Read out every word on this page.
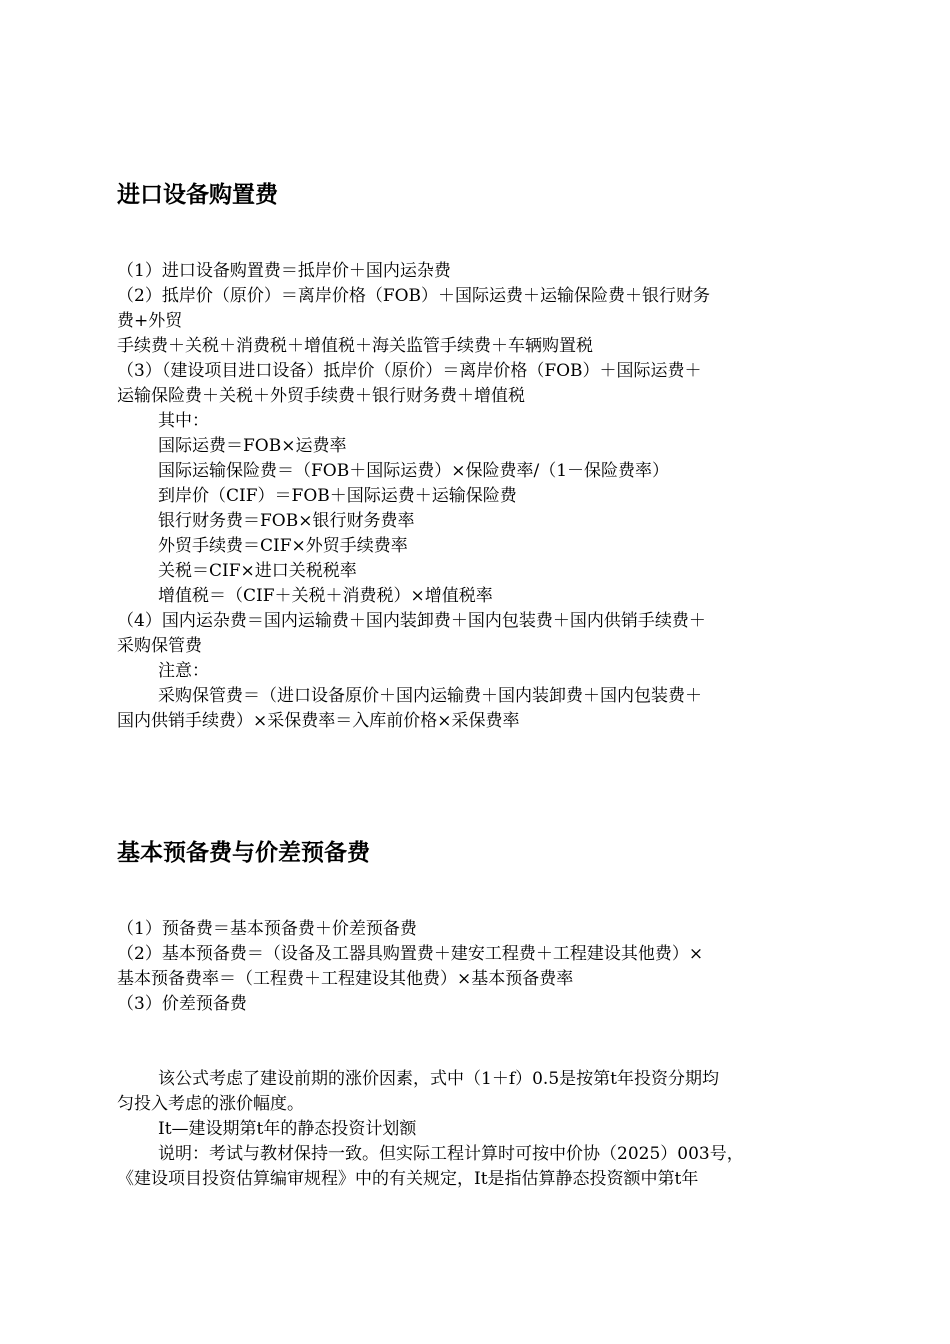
进口设备购置费
（1）进口设备购置费＝抵岸价＋国内运杂费
（2）抵岸价（原价）＝离岸价格（FOB）＋国际运费＋运输保险费＋银行财务
费+外贸
手续费＋关税＋消费税＋增值税＋海关监管手续费＋车辆购置税
（3）（建设项目进口设备）抵岸价（原价）＝离岸价格（FOB）＋国际运费＋
运输保险费＋关税＋外贸手续费＋银行财务费＋增值税
其中：
国际运费＝FOB×运费率
国际运输保险费＝（FOB＋国际运费）×保险费率/（1－保险费率）
到岸价（CIF）＝FOB＋国际运费＋运输保险费
银行财务费＝FOB×银行财务费率
外贸手续费＝CIF×外贸手续费率
关税＝CIF×进口关税税率
增值税＝（CIF＋关税＋消费税）×增值税率
（4）国内运杂费＝国内运输费＋国内装卸费＋国内包装费＋国内供销手续费＋
采购保管费
注意：
采购保管费＝（进口设备原价＋国内运输费＋国内装卸费＋国内包装费＋
国内供销手续费）×采保费率＝入库前价格×采保费率
基本预备费与价差预备费
（1）预备费＝基本预备费＋价差预备费
（2）基本预备费＝（设备及工器具购置费＋建安工程费＋工程建设其他费）×
基本预备费率＝（工程费＋工程建设其他费）×基本预备费率
（3）价差预备费
该公式考虑了建设前期的涨价因素，式中（1＋f）0.5是按第t年投资分期均
匀投入考虑的涨价幅度。
It—建设期第t年的静态投资计划额
说明：考试与教材保持一致。但实际工程计算时可按中价协（2025）003号，
《建设项目投资估算编审规程》中的有关规定，It是指估算静态投资额中第t年
